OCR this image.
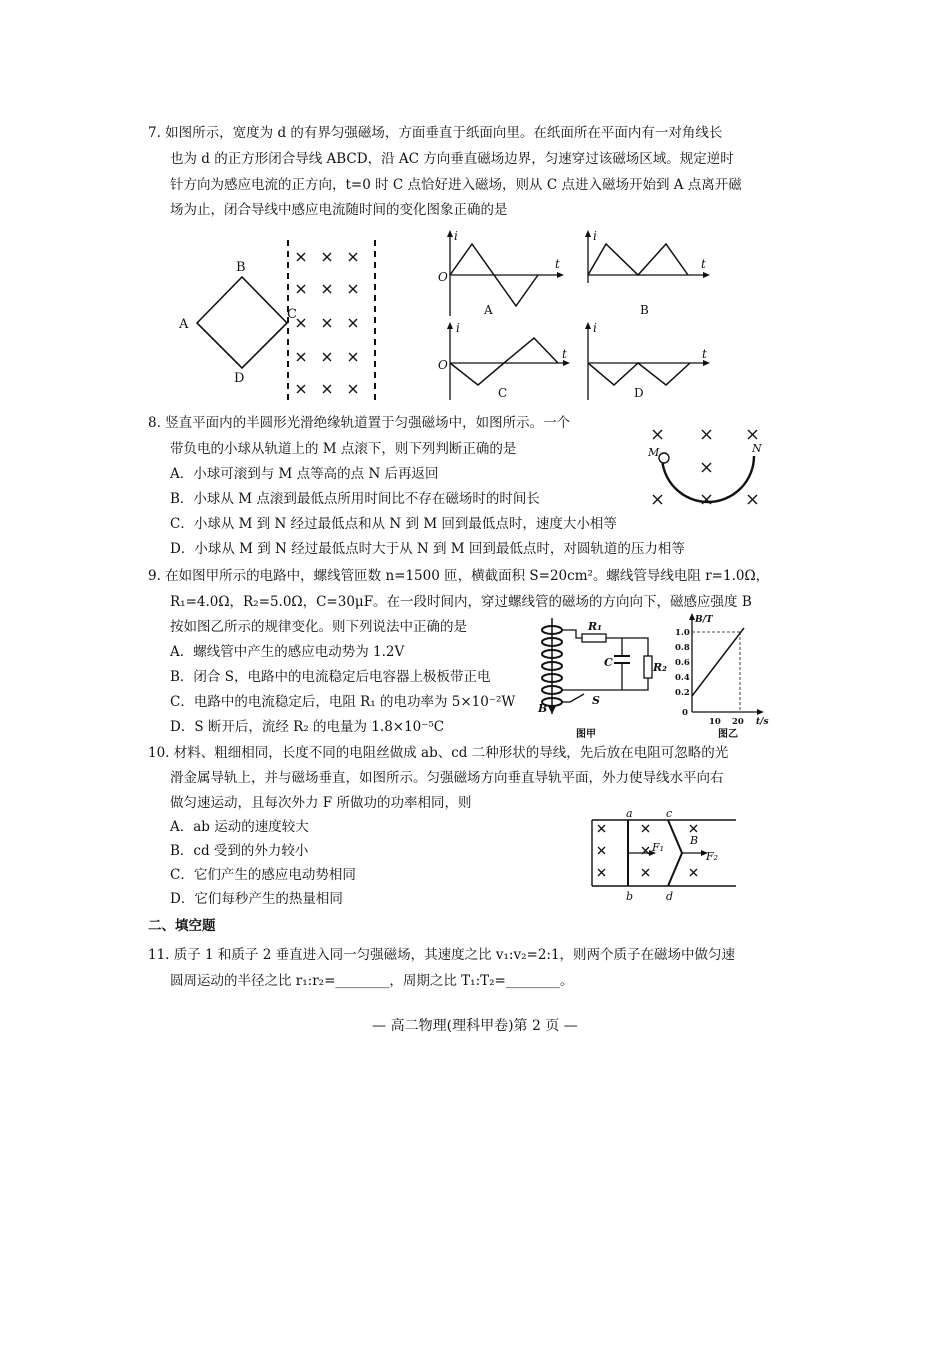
7. 如图所示，宽度为 d 的有界匀强磁场，方面垂直于纸面向里。在纸面所在平面内有一对角线长
也为 d 的正方形闭合导线 ABCD，沿 AC 方向垂直磁场边界，匀速穿过该磁场区域。规定逆时
针方向为感应电流的正方向，t=0 时 C 点恰好进入磁场，则从 C 点进入磁场开始到 A 点离开磁
场为止，闭合导线中感应电流随时间的变化图象正确的是
B
A
C
D
i
t
O
A
i
t
B
i
t
O
C
i
t
D
8. 竖直平面内的半圆形光滑绝缘轨道置于匀强磁场中，如图所示。一个
带负电的小球从轨道上的 M 点滚下，则下列判断正确的是
A．小球可滚到与 M 点等高的点 N 后再返回
B．小球从 M 点滚到最低点所用时间比不存在磁场时的时间长
C．小球从 M 到 N 经过最低点和从 N 到 M 回到最低点时，速度大小相等
D．小球从 M 到 N 经过最低点时大于从 N 到 M 回到最低点时，对圆轨道的压力相等
M	N
9. 在如图甲所示的电路中，螺线管匝数 n=1500 匝，横截面积 S=20cm²。螺线管导线电阻 r=1.0Ω，
R₁=4.0Ω，R₂=5.0Ω，C=30μF。在一段时间内，穿过螺线管的磁场的方向向下，磁感应强度 B
按如图乙所示的规律变化。则下列说法中正确的是
A．螺线管中产生的感应电动势为 1.2V
B．闭合 S，电路中的电流稳定后电容器上极板带正电
C．电路中的电流稳定后，电阻 R₁ 的电功率为 5×10⁻²W
D．S 断开后，流经 R₂ 的电量为 1.8×10⁻⁵C
B
R₁
R₂
C
S
图甲
B/T
t/s
1.0
0.8
0.6
0.4
0.2
0
10 20
图乙
10. 材料、粗细相同，长度不同的电阻丝做成 ab、cd 二种形状的导线，先后放在电阻可忽略的光
滑金属导轨上，并与磁场垂直，如图所示。匀强磁场方向垂直导轨平面，外力使导线水平向右
做匀速运动，且每次外力 F 所做功的功率相同，则
A．ab 运动的速度较大
B．cd 受到的外力较小
C．它们产生的感应电动势相同
D．它们每秒产生的热量相同
a
b
c
d
F₁
F₂
B
二、填空题
11. 质子 1 和质子 2 垂直进入同一匀强磁场，其速度之比 v₁:v₂=2:1，则两个质子在磁场中做匀速
圆周运动的半径之比 r₁:r₂=________，周期之比 T₁:T₂=________。
— 高二物理(理科甲卷)第 2 页 —
